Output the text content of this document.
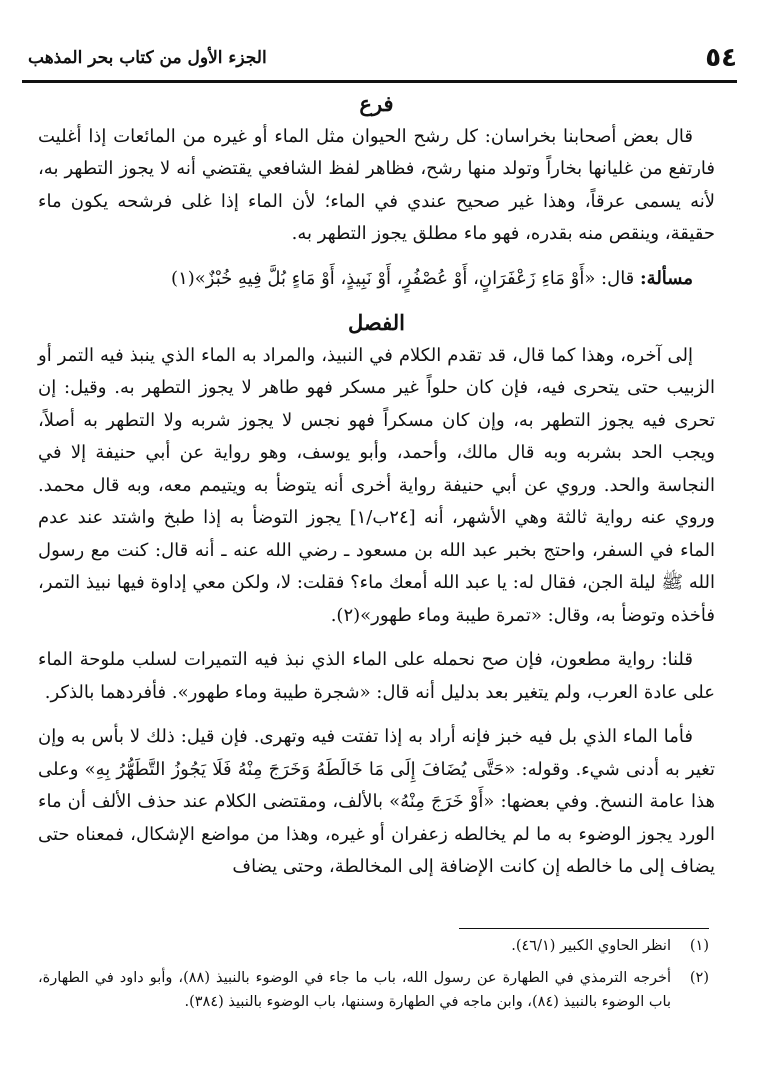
٥٤
الجزء الأول من كتاب بحر المذهب
فرع

قال بعض أصحابنا بخراسان: كل رشح الحيوان مثل الماء أو غيره من المائعات إذا أغليت فارتفع من غليانها بخاراً وتولد منها رشح، فظاهر لفظ الشافعي يقتضي أنه لا يجوز التطهر به، لأنه يسمى عرقاً، وهذا غير صحيح عندي في الماء؛ لأن الماء إذا غلى فرشحه يكون ماء حقيقة، وينقص منه بقدره، فهو ماء مطلق يجوز التطهر به.

مسألة: قال: «أَوْ مَاءِ زَعْفَرَانٍ، أَوْ عُصْفُرٍ، أَوْ نَبِيذٍ، أَوْ مَاءٍ بُلَّ فِيهِ خُبْزٌ»(١)

الفصل

إلى آخره، وهذا كما قال، قد تقدم الكلام في النبيذ، والمراد به الماء الذي ينبذ فيه التمر أو الزبيب حتى يتحرى فيه، فإن كان حلواً غير مسكر فهو طاهر لا يجوز التطهر به. وقيل: إن تحرى فيه يجوز التطهر به، وإن كان مسكراً فهو نجس لا يجوز شربه ولا التطهر به أصلاً، ويجب الحد بشربه وبه قال مالك، وأحمد، وأبو يوسف، وهو رواية عن أبي حنيفة إلا في النجاسة والحد. وروي عن أبي حنيفة رواية أخرى أنه يتوضأ به ويتيمم معه، وبه قال محمد. وروي عنه رواية ثالثة وهي الأشهر، أنه [٢٤ب/١] يجوز التوضأ به إذا طبخ واشتد عند عدم الماء في السفر، واحتج بخبر عبد الله بن مسعود ـ رضي الله عنه ـ أنه قال: كنت مع رسول الله ﷺ ليلة الجن، فقال له: يا عبد الله أمعك ماء؟ فقلت: لا، ولكن معي إداوة فيها نبيذ التمر، فأخذه وتوضأ به، وقال: «تمرة طيبة وماء طهور»(٢).

قلنا: رواية مطعون، فإن صح نحمله على الماء الذي نبذ فيه التميرات لسلب ملوحة الماء على عادة العرب، ولم يتغير بعد بدليل أنه قال: «شجرة طيبة وماء طهور». فأفردهما بالذكر.

فأما الماء الذي بل فيه خبز فإنه أراد به إذا تفتت فيه وتهرى. فإن قيل: ذلك لا بأس به وإن تغير به أدنى شيء. وقوله: «حَتَّى يُضَافَ إِلَى مَا خَالَطَهُ وَخَرَجَ مِنْهُ فَلَا يَجُوزُ التَّطَهُّرُ بِهِ» وعلى هذا عامة النسخ. وفي بعضها: «أَوْ خَرَجَ مِنْهُ» بالألف، ومقتضى الكلام عند حذف الألف أن ماء الورد يجوز الوضوء به ما لم يخالطه زعفران أو غيره، وهذا من مواضع الإشكال، فمعناه حتى يضاف إلى ما خالطه إن كانت الإضافة إلى المخالطة، وحتى يضاف

(١)
انظر الحاوي الكبير (٤٦/١).
(٢)
أخرجه الترمذي في الطهارة عن رسول الله، باب ما جاء في الوضوء بالنبيذ (٨٨)، وأبو داود في الطهارة، باب الوضوء بالنبيذ (٨٤)، وابن ماجه في الطهارة وسننها، باب الوضوء بالنبيذ (٣٨٤).
